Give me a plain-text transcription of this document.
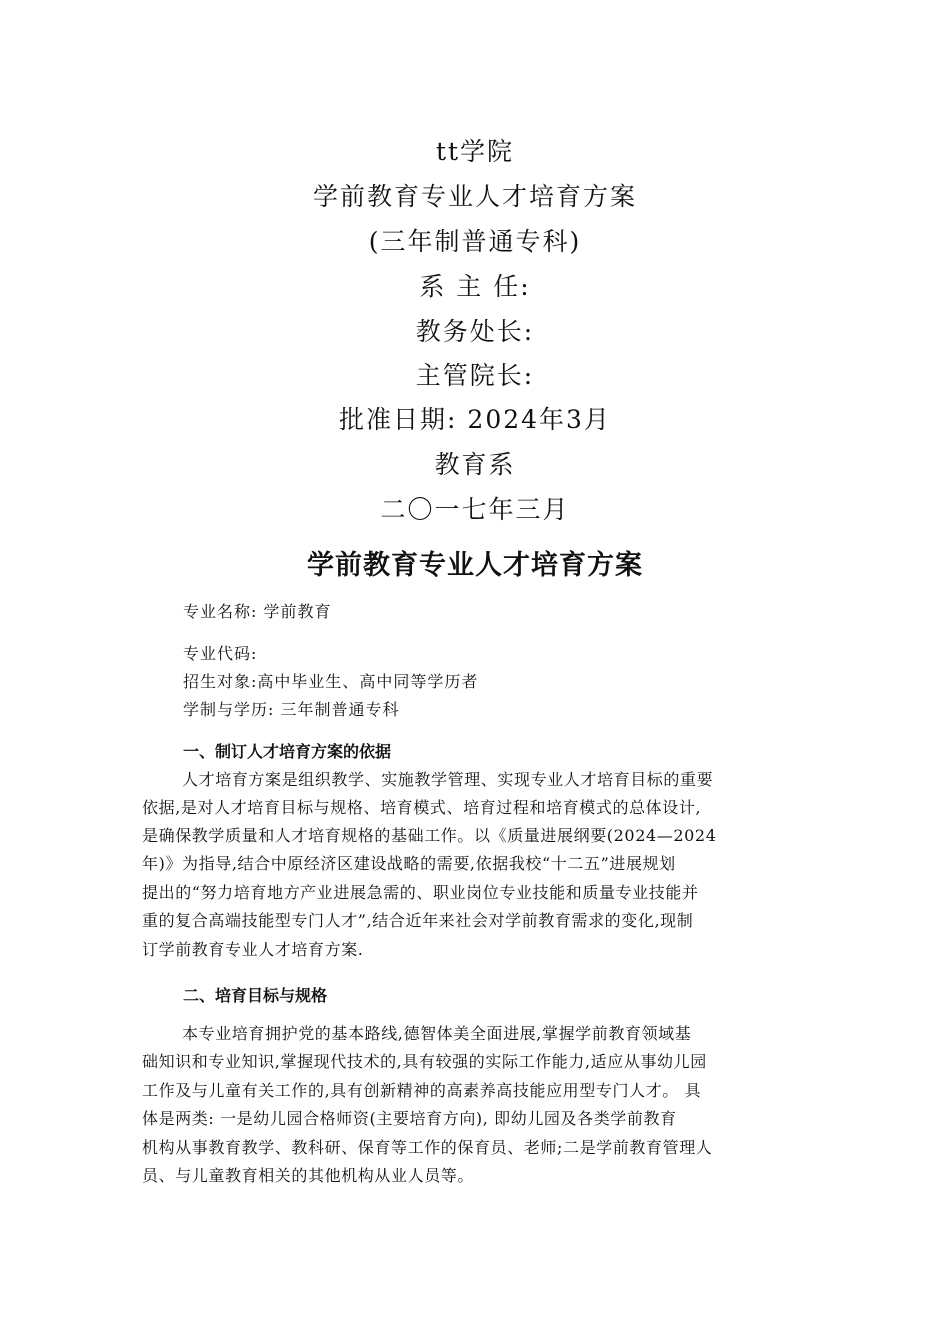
tt学院
学前教育专业人才培育方案
(三年制普通专科)
系 主 任:
教务处长:
主管院长:
批准日期: 2024年3月
教育系
二〇一七年三月
学前教育专业人才培育方案
专业名称: 学前教育
专业代码:
招生对象:高中毕业生、高中同等学历者
学制与学历: 三年制普通专科
一、制订人才培育方案的依据
人才培育方案是组织教学、实施教学管理、实现专业人才培育目标的重要
依据,是对人才培育目标与规格、培育模式、培育过程和培育模式的总体设计,
是确保教学质量和人才培育规格的基础工作。以《质量进展纲要(2024—2024
年)》为指导,结合中原经济区建设战略的需要,依据我校“十二五”进展规划
提出的“努力培育地方产业进展急需的、职业岗位专业技能和质量专业技能并
重的复合高端技能型专门人才”,结合近年来社会对学前教育需求的变化,现制
订学前教育专业人才培育方案.
二、培育目标与规格
本专业培育拥护党的基本路线,德智体美全面进展,掌握学前教育领域基
础知识和专业知识,掌握现代技术的,具有较强的实际工作能力,适应从事幼儿园
工作及与儿童有关工作的,具有创新精神的高素养高技能应用型专门人才。 具
体是两类: 一是幼儿园合格师资(主要培育方向), 即幼儿园及各类学前教育
机构从事教育教学、教科研、保育等工作的保育员、老师;二是学前教育管理人
员、与儿童教育相关的其他机构从业人员等。
